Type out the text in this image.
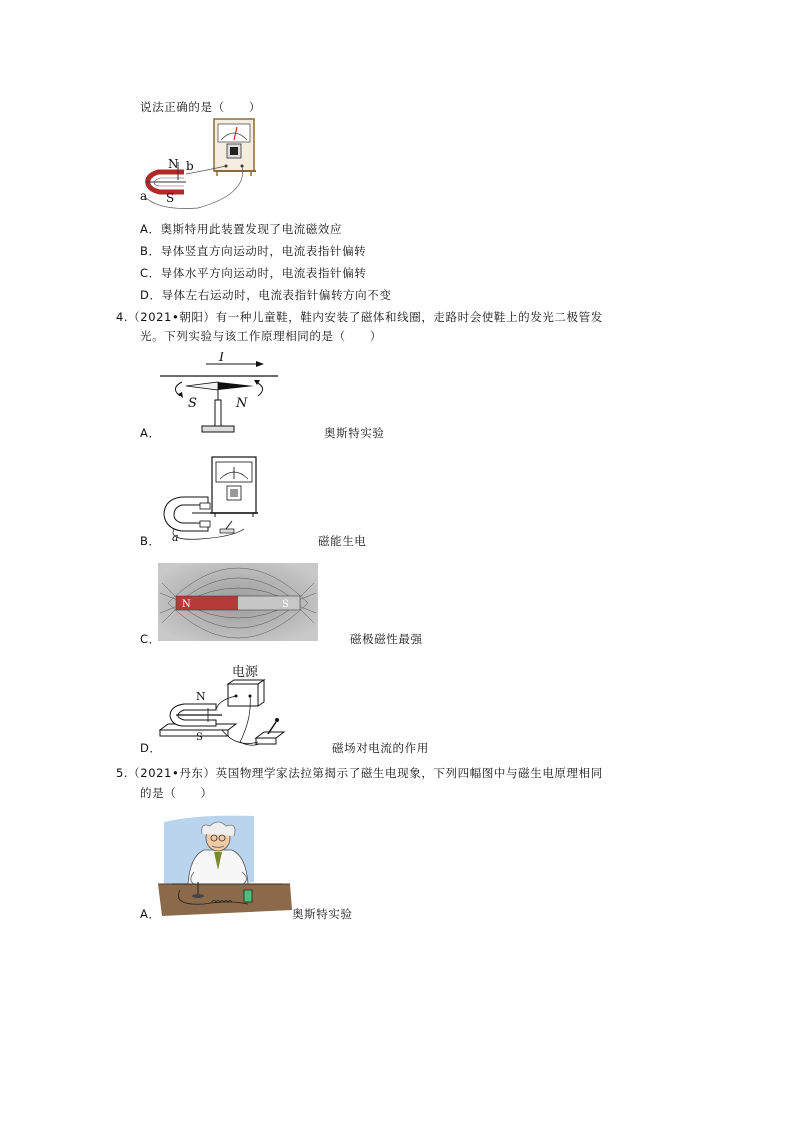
说法正确的是（　　）
N b
a S
A．奥斯特用此装置发现了电流磁效应
B．导体竖直方向运动时，电流表指针偏转
C．导体水平方向运动时，电流表指针偏转
D．导体左右运动时，电流表指针偏转方向不变
4.（2021•朝阳）有一种儿童鞋，鞋内安装了磁体和线圈，走路时会使鞋上的发光二极管发
光。下列实验与该工作原理相同的是（　　）
I
S	N
A．	奥斯特实验
a
B．	磁能生电
N	S
C．	磁极磁性最强
电源
N
S
D．	磁场对电流的作用
5.（2021•丹东）英国物理学家法拉第揭示了磁生电现象，下列四幅图中与磁生电原理相同
的是（　　）
A．	奥斯特实验
